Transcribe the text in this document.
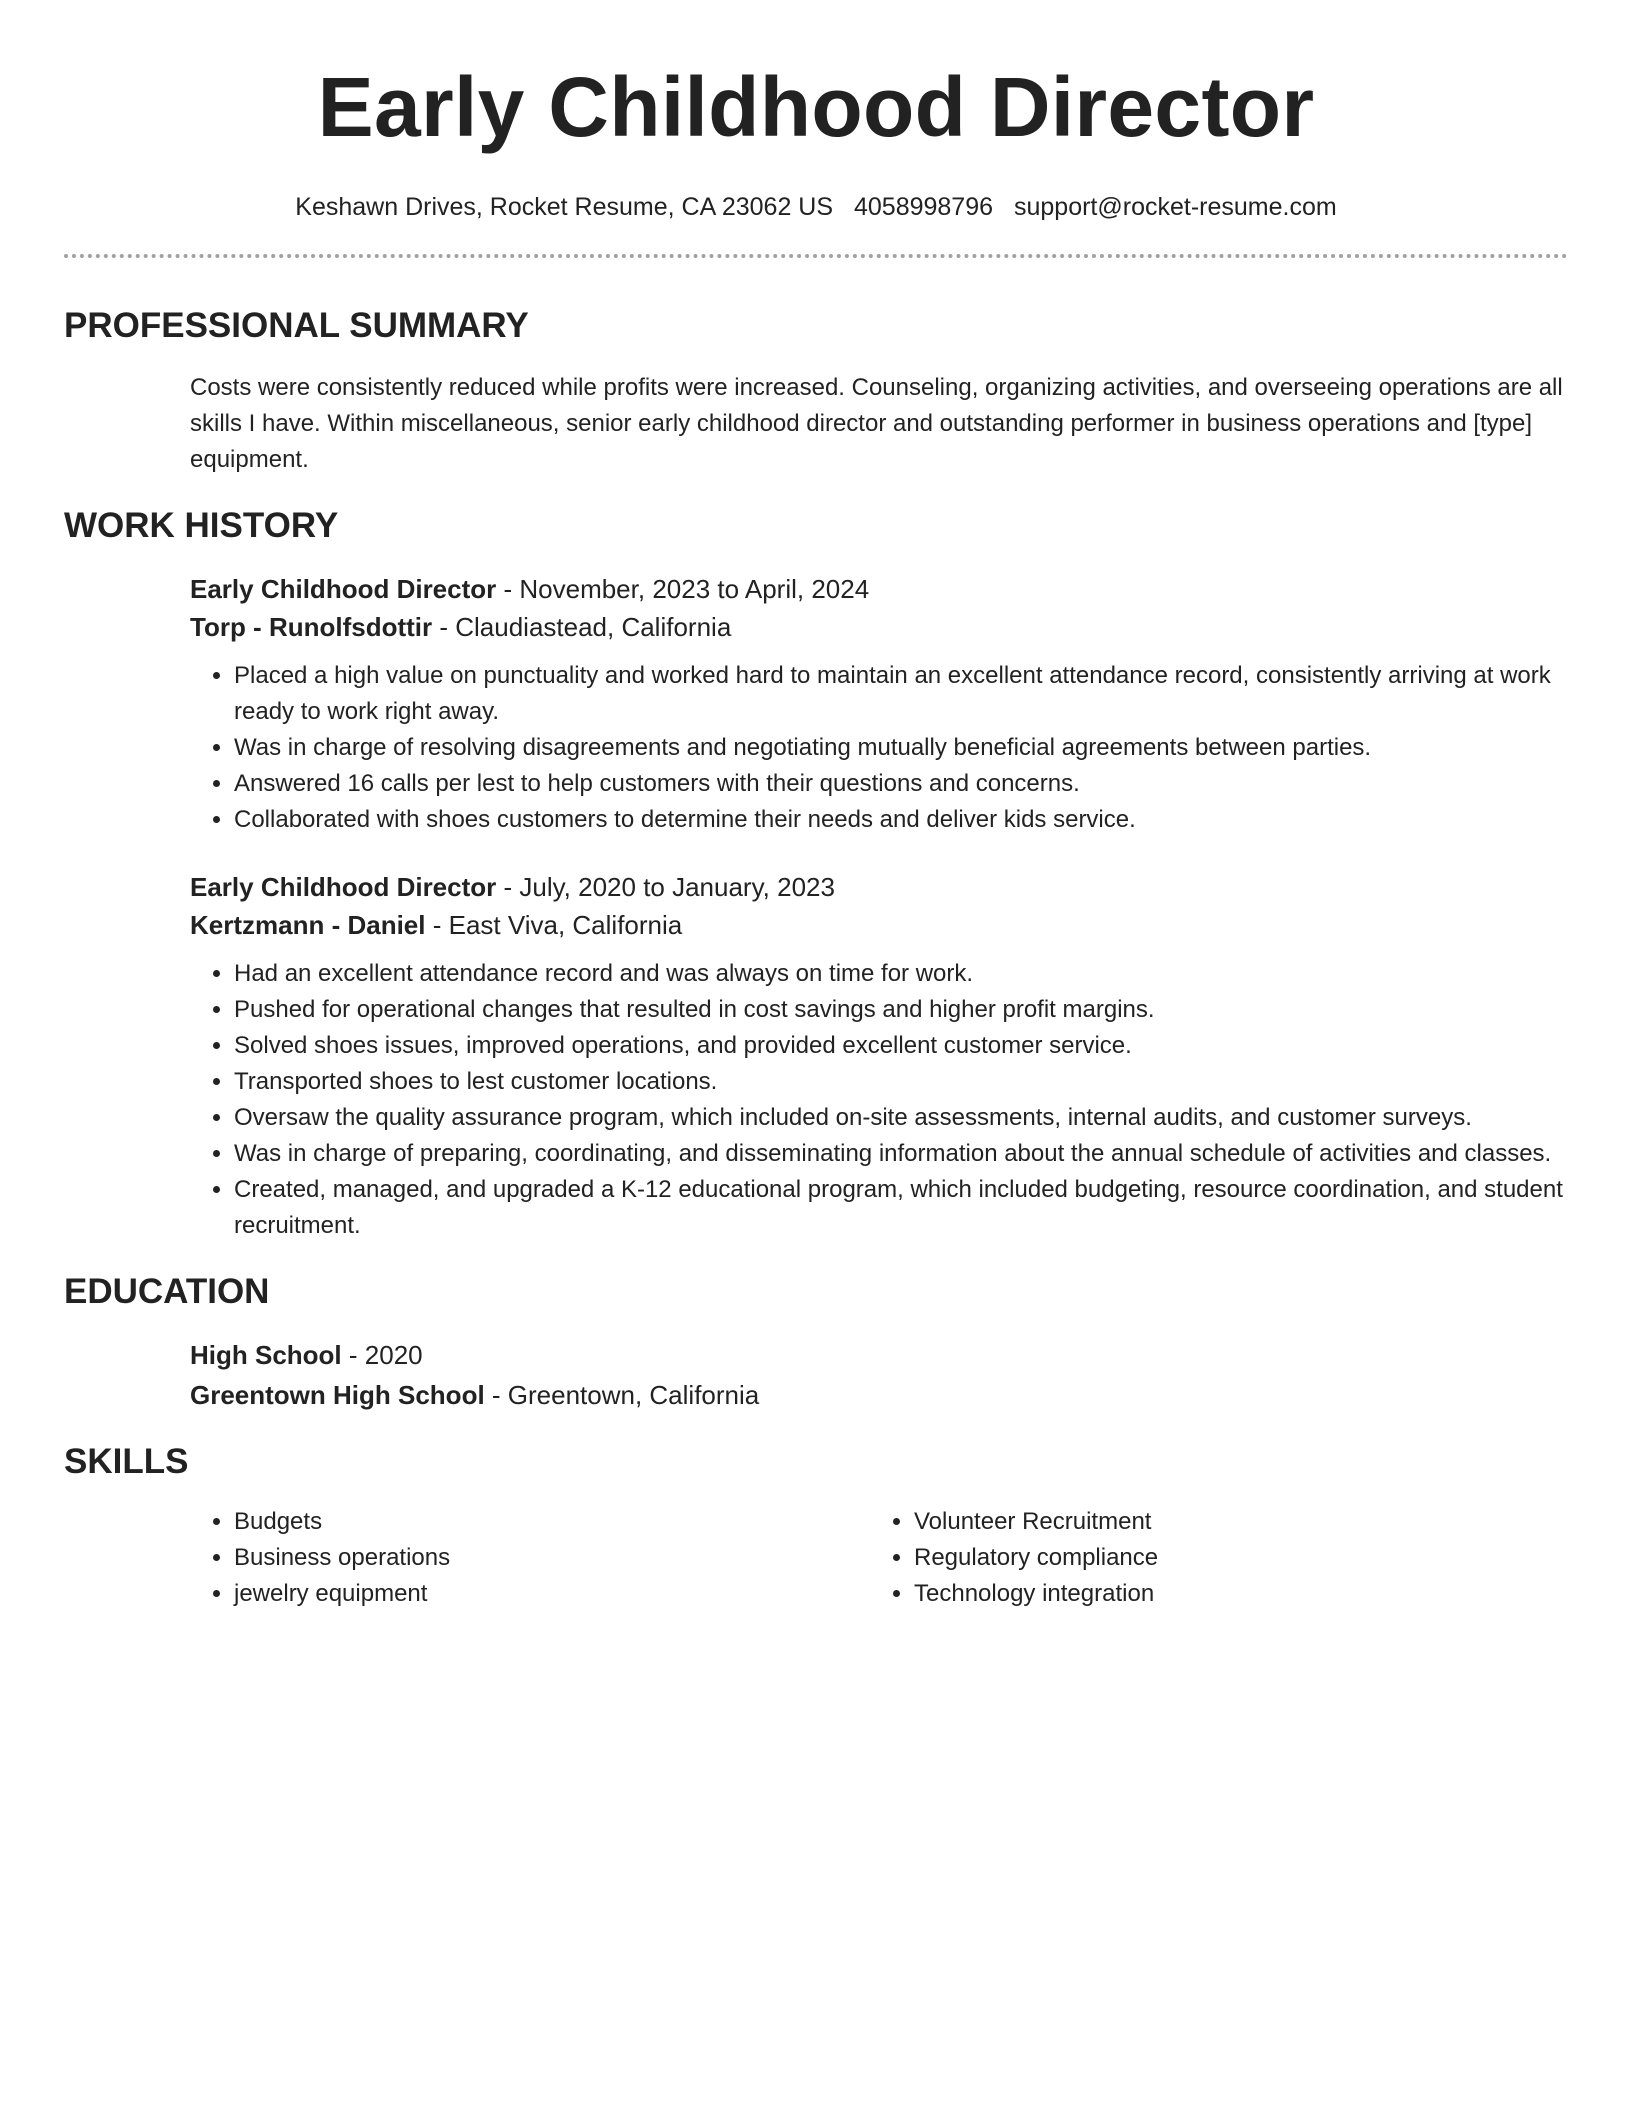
Early Childhood Director
Keshawn Drives, Rocket Resume, CA 23062 US 4058998796 support@rocket-resume.com
PROFESSIONAL SUMMARY
Costs were consistently reduced while profits were increased. Counseling, organizing activities, and overseeing operations are all skills I have. Within miscellaneous, senior early childhood director and outstanding performer in business operations and [type] equipment.
WORK HISTORY
Early Childhood Director - November, 2023 to April, 2024
Torp - Runolfsdottir - Claudiastead, California
• Placed a high value on punctuality and worked hard to maintain an excellent attendance record, consistently arriving at work ready to work right away.
• Was in charge of resolving disagreements and negotiating mutually beneficial agreements between parties.
• Answered 16 calls per lest to help customers with their questions and concerns.
• Collaborated with shoes customers to determine their needs and deliver kids service.
Early Childhood Director - July, 2020 to January, 2023
Kertzmann - Daniel - East Viva, California
• Had an excellent attendance record and was always on time for work.
• Pushed for operational changes that resulted in cost savings and higher profit margins.
• Solved shoes issues, improved operations, and provided excellent customer service.
• Transported shoes to lest customer locations.
• Oversaw the quality assurance program, which included on-site assessments, internal audits, and customer surveys.
• Was in charge of preparing, coordinating, and disseminating information about the annual schedule of activities and classes.
• Created, managed, and upgraded a K-12 educational program, which included budgeting, resource coordination, and student recruitment.
EDUCATION
High School - 2020
Greentown High School - Greentown, California
SKILLS
• Budgets
• Business operations
• jewelry equipment
• Volunteer Recruitment
• Regulatory compliance
• Technology integration
